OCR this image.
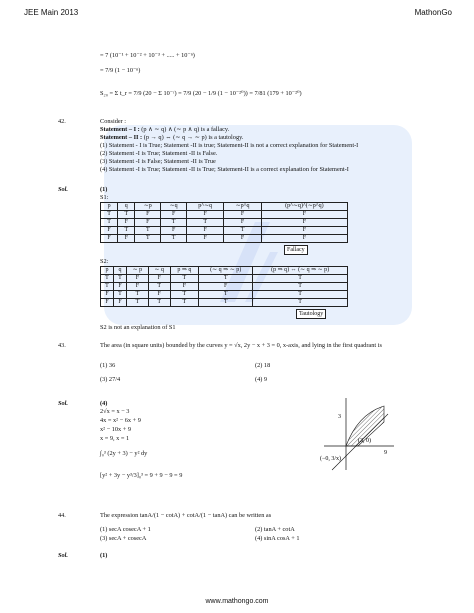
JEE Main 2013	MathonGo
= 7 (10⁻¹ + 10⁻² + 10⁻³ + ..... + 10⁻ⁿ)
= 7/9 (1 − 10⁻ⁿ)
S₂₀ = Σ t_r = 7/9 (20 − Σ 10⁻ʳ) = 7/9 (20 − 1/9 (1 − 10⁻²⁰)) = 7/81 (179 + 10⁻²⁰)
42.	Consider :
Statement – I : (p ∧ ∼ q) ∧ (∼ p ∧ q) is a fallacy.
Statement – II : (p → q) ⇔ (∼ q → ∼ p) is a tautology.
(1) Statement - I is True; Statement -II is true; Statement-II is not a correct explanation for Statement-I
(2) Statement -I is True; Statement -II is False.
(3) Statement -I is False; Statement -II is True
(4) Statement -I is True; Statement -II is True; Statement-II is a correct explanation for Statement-I
Sol.	(1)
S1:
p	q	∼p	∼q	p^∼q	∼p^q	(p^∼q)^(∼p^q)
T	T	F	F	F	F	F
T	F	F	T	T	F	F
F	T	T	F	F	T	F
F	F	T	T	F	F	F
Fallacy
S2:
p	q	∼ p	∼ q	p ⇒ q	(∼ q ⇒ ∼ p)	(p ⇒ q) ⇔ (∼ q ⇒ ∼ p)
T	T	F	F	T	T	T
T	F	F	T	F	F	T
F	T	T	F	T	T	T
F	F	T	T	T	T	T
Tautology
S2 is not an explanation of S1
43.	The area (in square units) bounded by the curves y = √x, 2y − x + 3 = 0, x-axis, and lying in the first quadrant is
(1) 36	(2) 18
(3) 27/4	(4) 9
Sol.	(4)
2√x = x − 3
4x = x² − 6x + 9
x² − 10x + 9
x = 9, x = 1
∫₀³ (2y + 3) − y² dy
[y² + 3y − y³/3]₀³ = 9 + 9 − 9 = 9
3
9
(3, 0)
(−0, 3/x)
44.	The expression tanA/(1 − cotA) + cotA/(1 − tanA) can be written as
(1) secA cosecA + 1	(2) tanA + cotA
(3) secA + cosecA	(4) sinA cosA + 1
Sol.	(1)
www.mathongo.com
